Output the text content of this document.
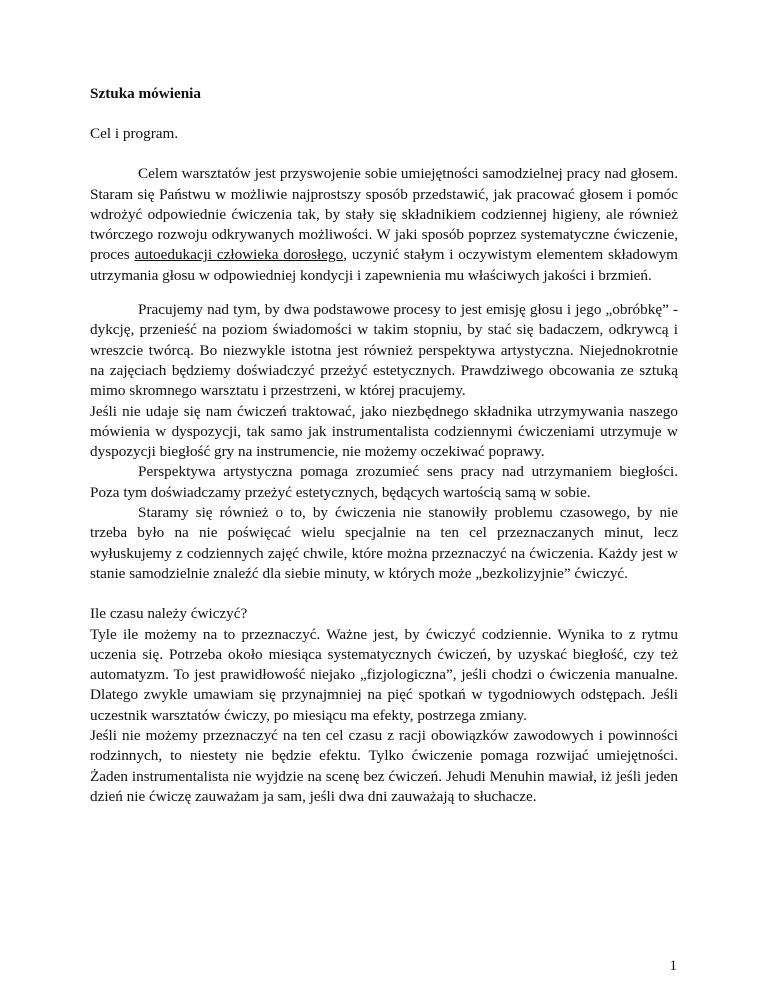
Sztuka mówienia

Cel i program.

Celem warsztatów jest przyswojenie sobie umiejętności samodzielnej pracy nad głosem. Staram się Państwu w możliwie najprostszy sposób przedstawić, jak pracować głosem i pomóc wdrożyć odpowiednie ćwiczenia tak, by stały się składnikiem codziennej higieny, ale również twórczego rozwoju odkrywanych możliwości. W jaki sposób poprzez systematyczne ćwiczenie, proces autoedukacji człowieka dorosłego, uczynić stałym i oczywistym elementem składowym utrzymania głosu w odpowiedniej kondycji i zapewnienia mu właściwych jakości i brzmień.

Pracujemy nad tym, by dwa podstawowe procesy to jest emisję głosu i jego „obróbkę” - dykcję, przenieść na poziom świadomości w takim stopniu, by stać się badaczem, odkrywcą i wreszcie twórcą. Bo niezwykle istotna jest również perspektywa artystyczna. Niejednokrotnie na zajęciach będziemy doświadczyć przeżyć estetycznych. Prawdziwego obcowania ze sztuką mimo skromnego warsztatu i przestrzeni, w której pracujemy.

Jeśli nie udaje się nam ćwiczeń traktować, jako niezbędnego składnika utrzymywania naszego mówienia w dyspozycji, tak samo jak instrumentalista codziennymi ćwiczeniami utrzymuje w dyspozycji biegłość gry na instrumencie, nie możemy oczekiwać poprawy.

Perspektywa artystyczna pomaga zrozumieć sens pracy nad utrzymaniem biegłości. Poza tym doświadczamy przeżyć estetycznych, będących wartością samą w sobie.

Staramy się również o to, by ćwiczenia nie stanowiły problemu czasowego, by nie trzeba było na nie poświęcać wielu specjalnie na ten cel przeznaczanych minut, lecz wyłuskujemy z codziennych zajęć chwile, które można przeznaczyć na ćwiczenia. Każdy jest w stanie samodzielnie znaleźć dla siebie minuty, w których może „bezkolizyjnie” ćwiczyć.

Ile czasu należy ćwiczyć?

Tyle ile możemy na to przeznaczyć. Ważne jest, by ćwiczyć codziennie. Wynika to z rytmu uczenia się. Potrzeba około miesiąca systematycznych ćwiczeń, by uzyskać biegłość, czy też automatyzm. To jest prawidłowość niejako „fizjologiczna”, jeśli chodzi o ćwiczenia manualne. Dlatego zwykle umawiam się przynajmniej na pięć spotkań w tygodniowych odstępach. Jeśli uczestnik warsztatów ćwiczy, po miesiącu ma efekty, postrzega zmiany.

Jeśli nie możemy przeznaczyć na ten cel czasu z racji obowiązków zawodowych i powinności rodzinnych, to niestety nie będzie efektu. Tylko ćwiczenie pomaga rozwijać umiejętności. Żaden instrumentalista nie wyjdzie na scenę bez ćwiczeń. Jehudi Menuhin mawiał, iż jeśli jeden dzień nie ćwiczę zauważam ja sam, jeśli dwa dni zauważają to słuchacze.

1
